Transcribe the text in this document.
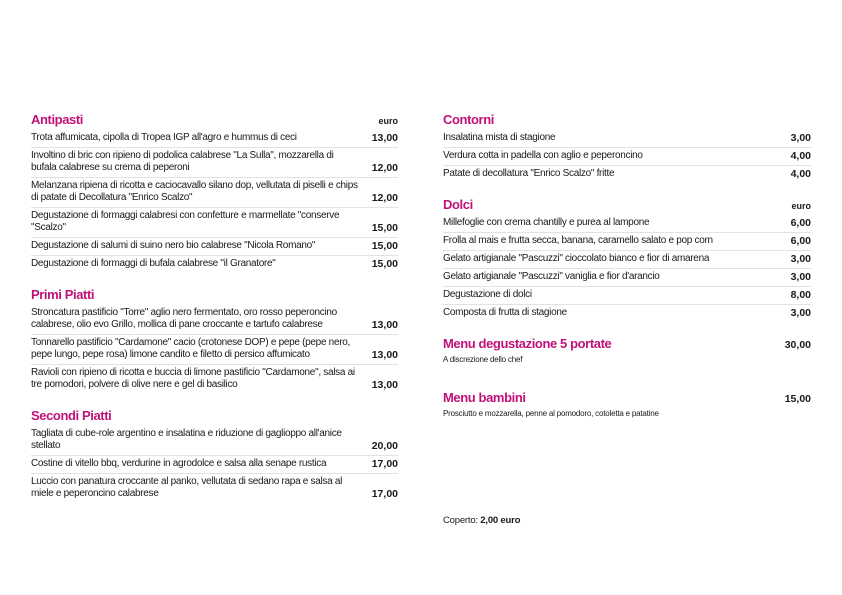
Antipasti	euro
Trota affumicata, cipolla di Tropea IGP all'agro e hummus di ceci	13,00
Involtino di bric con ripieno di podolica calabrese "La Sulla", mozzarella di bufala calabrese su crema di peperoni	12,00
Melanzana ripiena di ricotta e caciocavallo silano dop, vellutata di piselli e chips di patate di Decollatura "Enrico Scalzo"	12,00
Degustazione di formaggi calabresi con confetture e marmellate "conserve "Scalzo"	15,00
Degustazione di salumi di suino nero bio calabrese "Nicola Romano"	15,00
Degustazione di formaggi di bufala calabrese "il Granatore"	15,00
Primi Piatti
Stroncatura pastificio "Torre" aglio nero fermentato, oro rosso peperoncino calabrese, olio evo Grillo, mollica di pane croccante e tartufo calabrese	13,00
Tonnarello pastificio "Cardamone" cacio (crotonese DOP) e pepe (pepe nero, pepe lungo, pepe rosa) limone candito e filetto di persico affumicato	13,00
Ravioli con ripieno di ricotta e buccia di limone pastificio "Cardamone", salsa ai tre pomodori, polvere di olive nere e gel di basilico	13,00
Secondi Piatti
Tagliata di cube-role argentino e insalatina e riduzione di gaglioppo all'anice stellato	20,00
Costine di vitello bbq, verdurine in agrodolce e salsa alla senape rustica	17,00
Luccio con panatura croccante al panko, vellutata di sedano rapa e salsa al miele e peperoncino calabrese	17,00
Contorni
Insalatina mista di stagione	3,00
Verdura cotta in padella con aglio e peperoncino	4,00
Patate di decollatura "Enrico Scalzo" fritte	4,00
Dolci	euro
Millefoglie con crema chantilly e purea al lampone	6,00
Frolla al mais e frutta secca, banana, caramello salato e pop corn	6,00
Gelato artigianale "Pascuzzi" cioccolato bianco e fior di amarena	3,00
Gelato artigianale "Pascuzzi" vaniglia e fior d'arancio	3,00
Degustazione di dolci	8,00
Composta di frutta di stagione	3,00
Menu degustazione 5 portate	30,00
A discrezione dello chef
Menu bambini	15,00
Prosciutto e mozzarella, penne al pomodoro, cotoletta e patatine
Coperto: 2,00 euro
